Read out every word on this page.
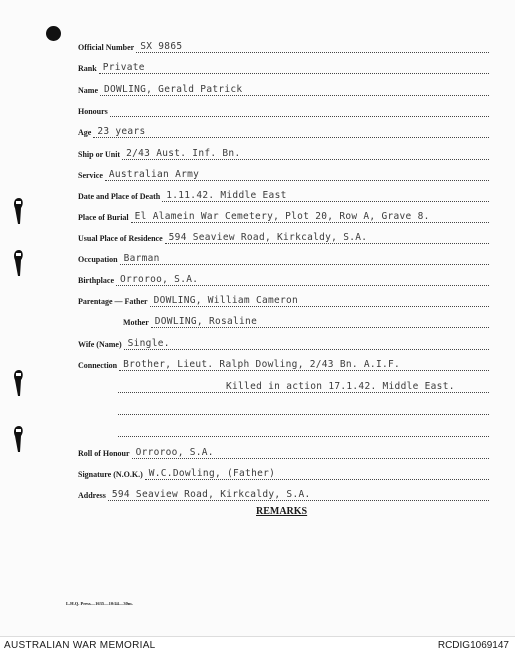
Official Number SX 9865
Rank Private
Name DOWLING, Gerald Patrick
Honours
Age 23 years
Ship or Unit 2/43 Aust. Inf. Bn.
Service Australian Army
Date and Place of Death 1.11.42. Middle East
Place of Burial El Alamein War Cemetery, Plot 20, Row A, Grave 8.
Usual Place of Residence 594 Seaview Road, Kirkcaldy, S.A.
Occupation Barman
Birthplace Orroroo, S.A.
Parentage — Father DOWLING, William Cameron
Mother DOWLING, Rosaline
Wife (Name) Single.
Connection Brother, Lieut. Ralph Dowling, 2/43 Bn. A.I.F.
Killed in action 17.1.42. Middle East.
Roll of Honour Orroroo, S.A.
Signature (N.O.K.) W.C.Dowling, (Father)
Address 594 Seaview Road, Kirkcaldy, S.A.
REMARKS
L.H.Q. Press—1635—10/44—30m.
AUSTRALIAN WAR MEMORIAL	RCDIG1069147
